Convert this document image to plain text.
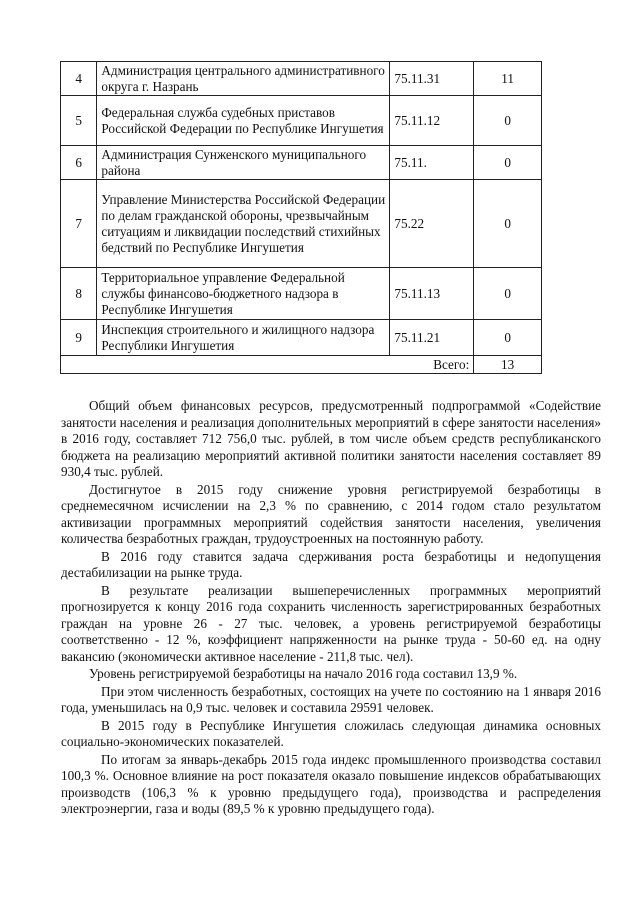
4	Администрация центрального административного округа г. Назрань	75.11.31	11
5	Федеральная служба судебных приставов Российской Федерации по Республике Ингушетия	75.11.12	0
6	Администрация Сунженского муниципального района	75.11.	0
7	Управление Министерства Российской Федерации по делам гражданской обороны, чрезвычайным ситуациям и ликвидации последствий стихийных бедствий по Республике Ингушетия	75.22	0
8	Территориальное управление Федеральной службы финансово-бюджетного надзора в Республике Ингушетия	75.11.13	0
9	Инспекция строительного и жилищного надзора Республики Ингушетия	75.11.21	0
Всего:			13

Общий объем финансовых ресурсов, предусмотренный подпрограммой «Содействие занятости населения и реализация дополнительных мероприятий в сфере занятости населения» в 2016 году, составляет 712 756,0 тыс. рублей, в том числе объем средств республиканского бюджета на реализацию мероприятий активной политики занятости населения составляет 89 930,4 тыс. рублей.

Достигнутое в 2015 году снижение уровня регистрируемой безработицы в среднемесячном исчислении на 2,3 % по сравнению, с 2014 годом стало результатом активизации программных мероприятий содействия занятости населения, увеличения количества безработных граждан, трудоустроенных на постоянную работу.

В 2016 году ставится задача сдерживания роста безработицы и недопущения дестабилизации на рынке труда.

В результате реализации вышеперечисленных программных мероприятий прогнозируется к концу 2016 года сохранить численность зарегистрированных безработных граждан на уровне 26 - 27 тыс. человек, а уровень регистрируемой безработицы соответственно - 12 %, коэффициент напряженности на рынке труда - 50-60 ед. на одну вакансию (экономически активное население - 211,8 тыс. чел).

Уровень регистрируемой безработицы на начало 2016 года составил 13,9 %.

При этом численность безработных, состоящих на учете по состоянию на 1 января 2016 года, уменьшилась на 0,9 тыс. человек и составила 29591 человек.

В 2015 году в Республике Ингушетия сложилась следующая динамика основных социально-экономических показателей.

По итогам за январь-декабрь 2015 года индекс промышленного производства составил 100,3 %. Основное влияние на рост показателя оказало повышение индексов обрабатывающих производств (106,3 % к уровню предыдущего года), производства и распределения электроэнергии, газа и воды (89,5 % к уровню предыдущего года).
